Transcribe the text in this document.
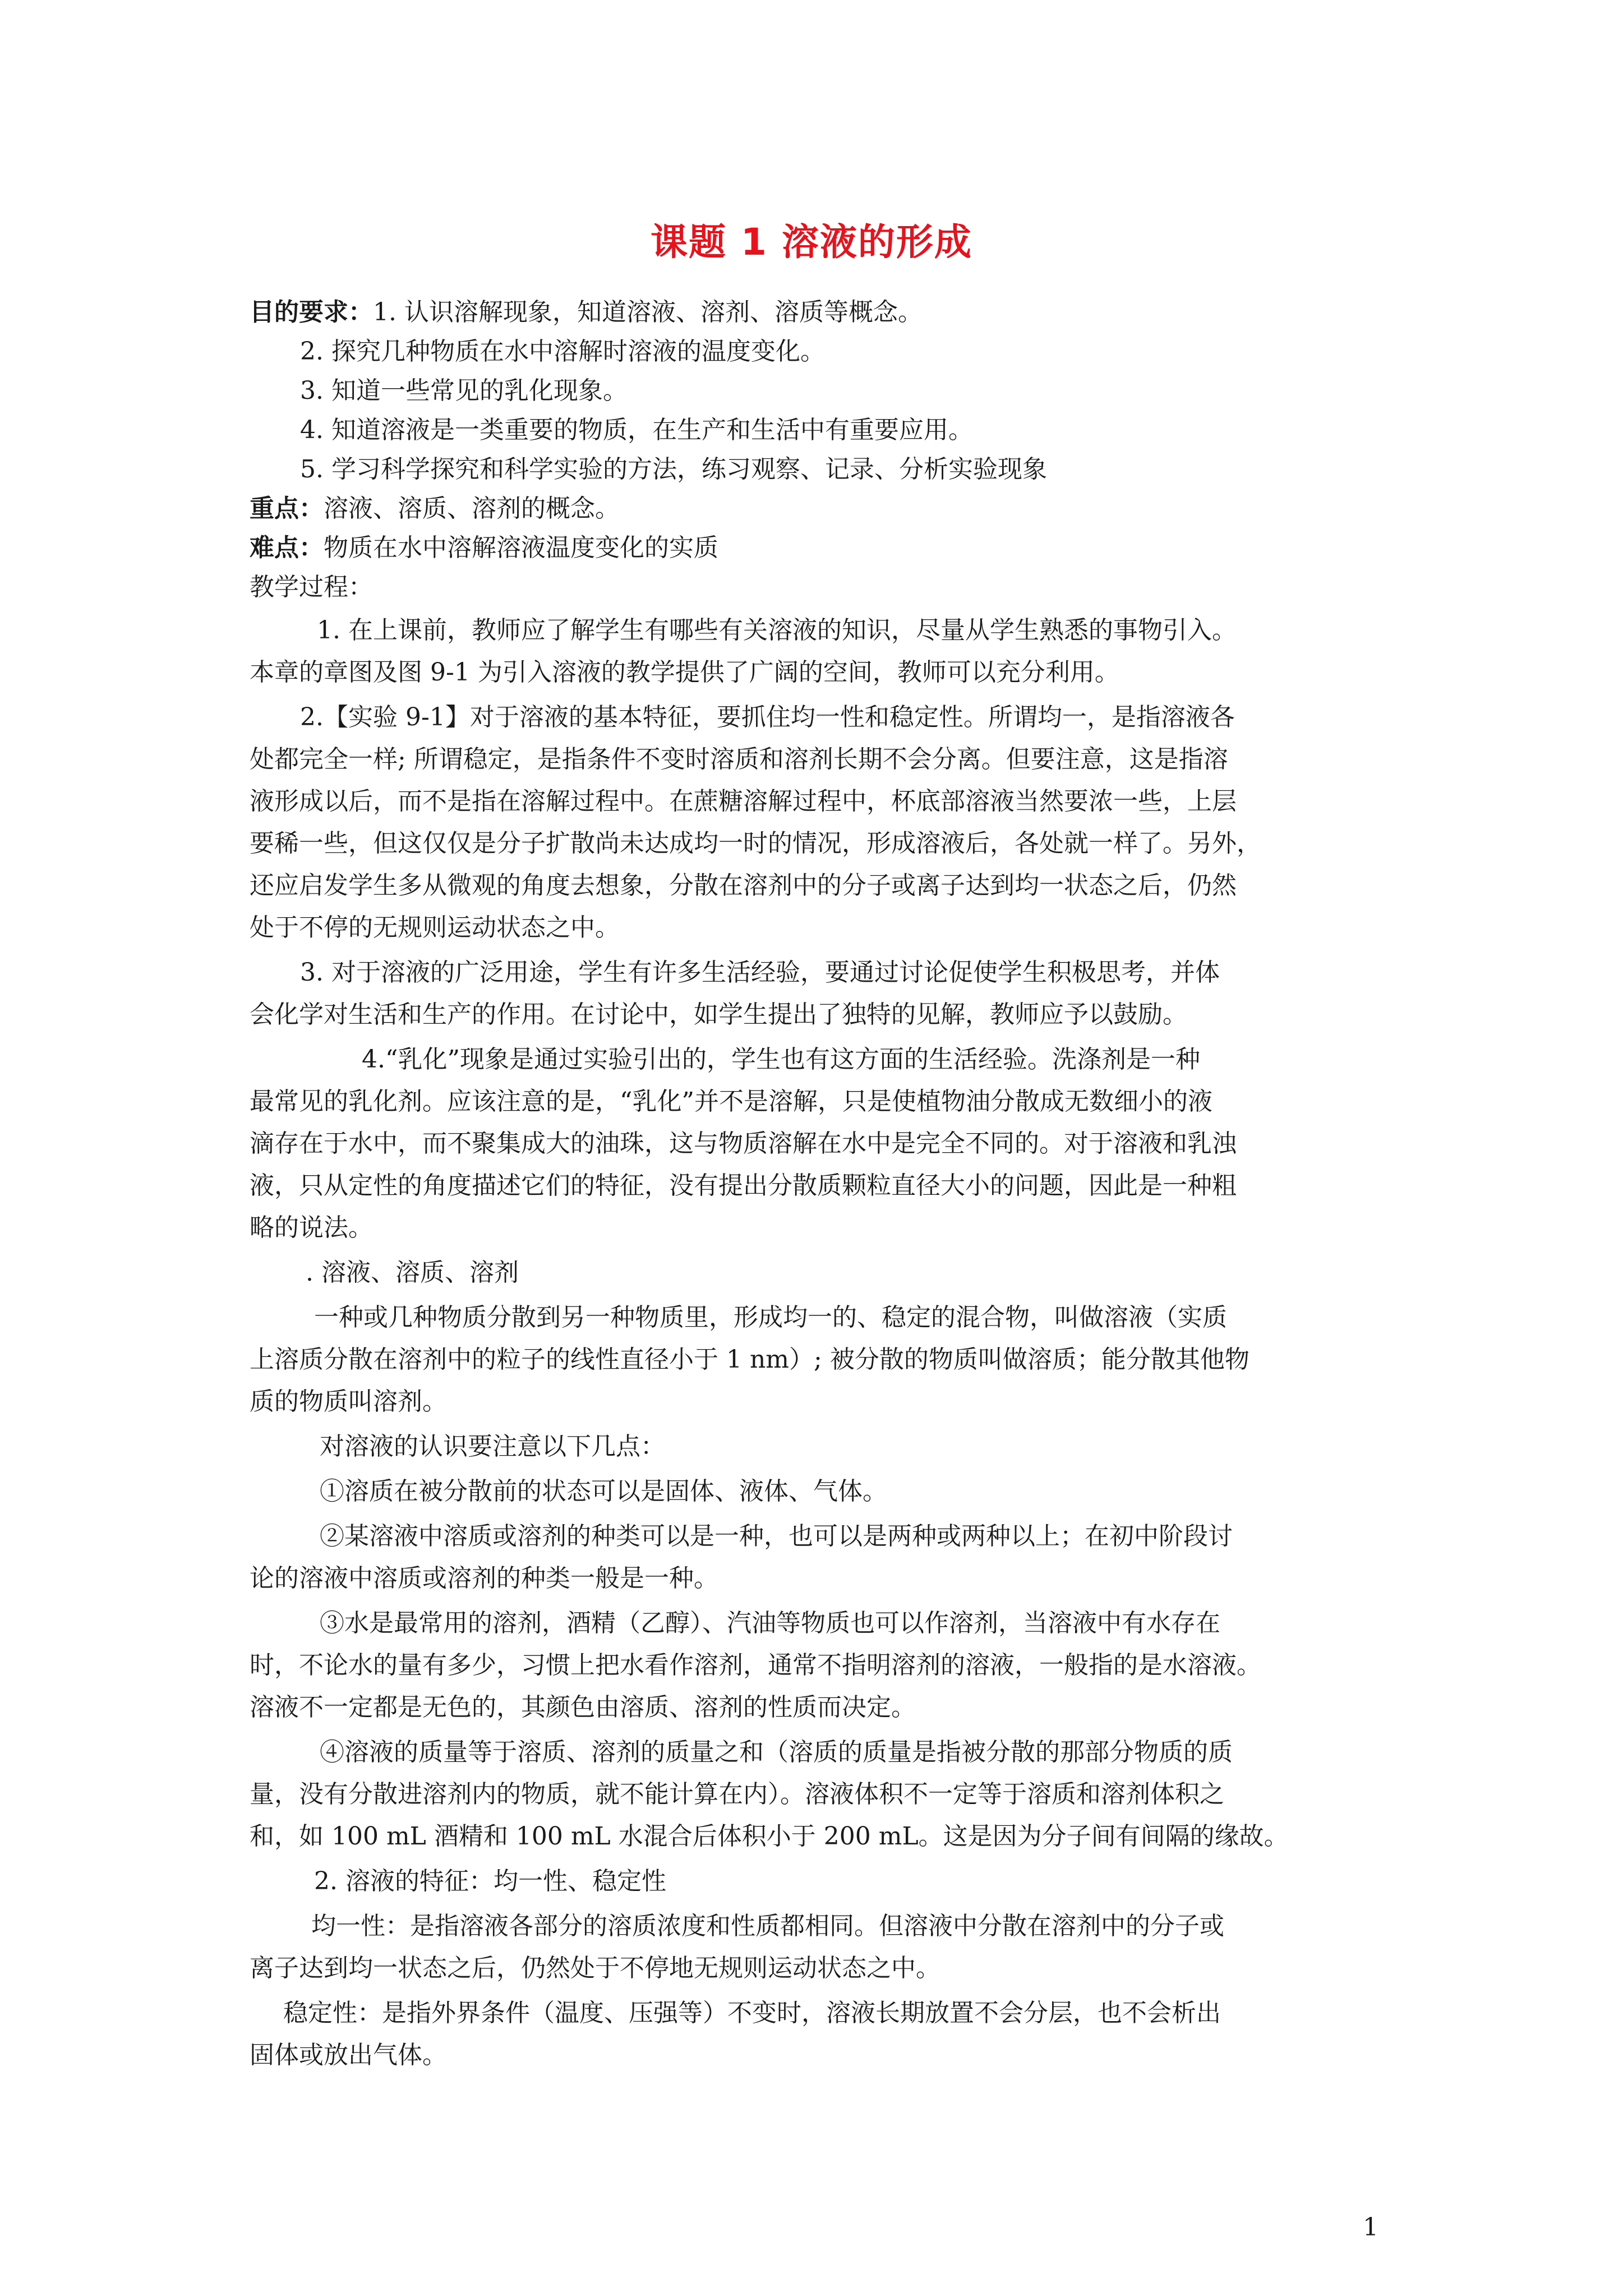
课题 1 溶液的形成
目的要求：1. 认识溶解现象，知道溶液、溶剂、溶质等概念。
2. 探究几种物质在水中溶解时溶液的温度变化。
3. 知道一些常见的乳化现象。
4. 知道溶液是一类重要的物质，在生产和生活中有重要应用。
5. 学习科学探究和科学实验的方法，练习观察、记录、分析实验现象
重点：溶液、溶质、溶剂的概念。
难点：物质在水中溶解溶液温度变化的实质
教学过程：
1. 在上课前，教师应了解学生有哪些有关溶液的知识，尽量从学生熟悉的事物引入。
本章的章图及图 9-1 为引入溶液的教学提供了广阔的空间，教师可以充分利用。
2.【实验 9-1】对于溶液的基本特征，要抓住均一性和稳定性。所谓均一，是指溶液各
处都完全一样; 所谓稳定，是指条件不变时溶质和溶剂长期不会分离。但要注意，这是指溶
液形成以后，而不是指在溶解过程中。在蔗糖溶解过程中，杯底部溶液当然要浓一些，上层
要稀一些，但这仅仅是分子扩散尚未达成均一时的情况，形成溶液后，各处就一样了。另外，
还应启发学生多从微观的角度去想象，分散在溶剂中的分子或离子达到均一状态之后，仍然
处于不停的无规则运动状态之中。
3. 对于溶液的广泛用途，学生有许多生活经验，要通过讨论促使学生积极思考，并体
会化学对生活和生产的作用。在讨论中，如学生提出了独特的见解，教师应予以鼓励。
4.“乳化”现象是通过实验引出的，学生也有这方面的生活经验。洗涤剂是一种
最常见的乳化剂。应该注意的是，“乳化”并不是溶解，只是使植物油分散成无数细小的液
滴存在于水中，而不聚集成大的油珠，这与物质溶解在水中是完全不同的。对于溶液和乳浊
液，只从定性的角度描述它们的特征，没有提出分散质颗粒直径大小的问题，因此是一种粗
略的说法。
. 溶液、溶质、溶剂
一种或几种物质分散到另一种物质里，形成均一的、稳定的混合物，叫做溶液（实质
上溶质分散在溶剂中的粒子的线性直径小于 1 nm）; 被分散的物质叫做溶质；能分散其他物
质的物质叫溶剂。
对溶液的认识要注意以下几点：
①溶质在被分散前的状态可以是固体、液体、气体。
②某溶液中溶质或溶剂的种类可以是一种，也可以是两种或两种以上；在初中阶段讨
论的溶液中溶质或溶剂的种类一般是一种。
③水是最常用的溶剂，酒精（乙醇）、汽油等物质也可以作溶剂，当溶液中有水存在
时，不论水的量有多少，习惯上把水看作溶剂，通常不指明溶剂的溶液，一般指的是水溶液。
溶液不一定都是无色的，其颜色由溶质、溶剂的性质而决定。
④溶液的质量等于溶质、溶剂的质量之和（溶质的质量是指被分散的那部分物质的质
量，没有分散进溶剂内的物质，就不能计算在内）。溶液体积不一定等于溶质和溶剂体积之
和，如 100 mL 酒精和 100 mL 水混合后体积小于 200 mL。这是因为分子间有间隔的缘故。
2. 溶液的特征：均一性、稳定性
均一性：是指溶液各部分的溶质浓度和性质都相同。但溶液中分散在溶剂中的分子或
离子达到均一状态之后，仍然处于不停地无规则运动状态之中。
稳定性：是指外界条件（温度、压强等）不变时，溶液长期放置不会分层，也不会析出
固体或放出气体。
1
